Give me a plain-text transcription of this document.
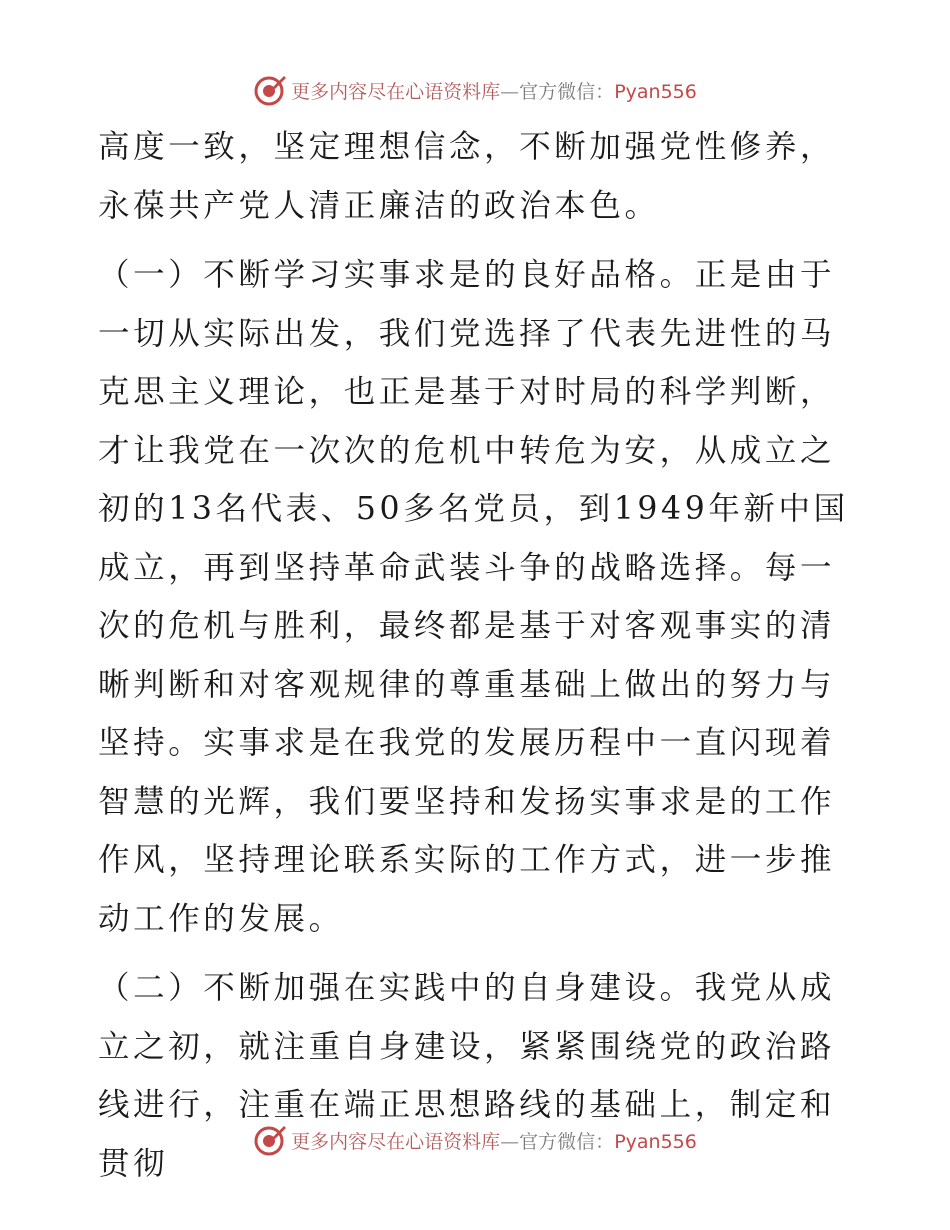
更多内容尽在心语资料库—官方微信：Pyan556

高度一致，坚定理想信念，不断加强党性修养，永葆共产党人清正廉洁的政治本色。

（一）不断学习实事求是的良好品格。正是由于一切从实际出发，我们党选择了代表先进性的马克思主义理论，也正是基于对时局的科学判断，才让我党在一次次的危机中转危为安，从成立之初的13名代表、50多名党员，到1949年新中国成立，再到坚持革命武装斗争的战略选择。每一次的危机与胜利，最终都是基于对客观事实的清晰判断和对客观规律的尊重基础上做出的努力与坚持。实事求是在我党的发展历程中一直闪现着智慧的光辉，我们要坚持和发扬实事求是的工作作风，坚持理论联系实际的工作方式，进一步推动工作的发展。

（二）不断加强在实践中的自身建设。我党从成立之初，就注重自身建设，紧紧围绕党的政治路线进行，注重在端正思想路线的基础上，制定和贯彻

更多内容尽在心语资料库—官方微信：Pyan556
